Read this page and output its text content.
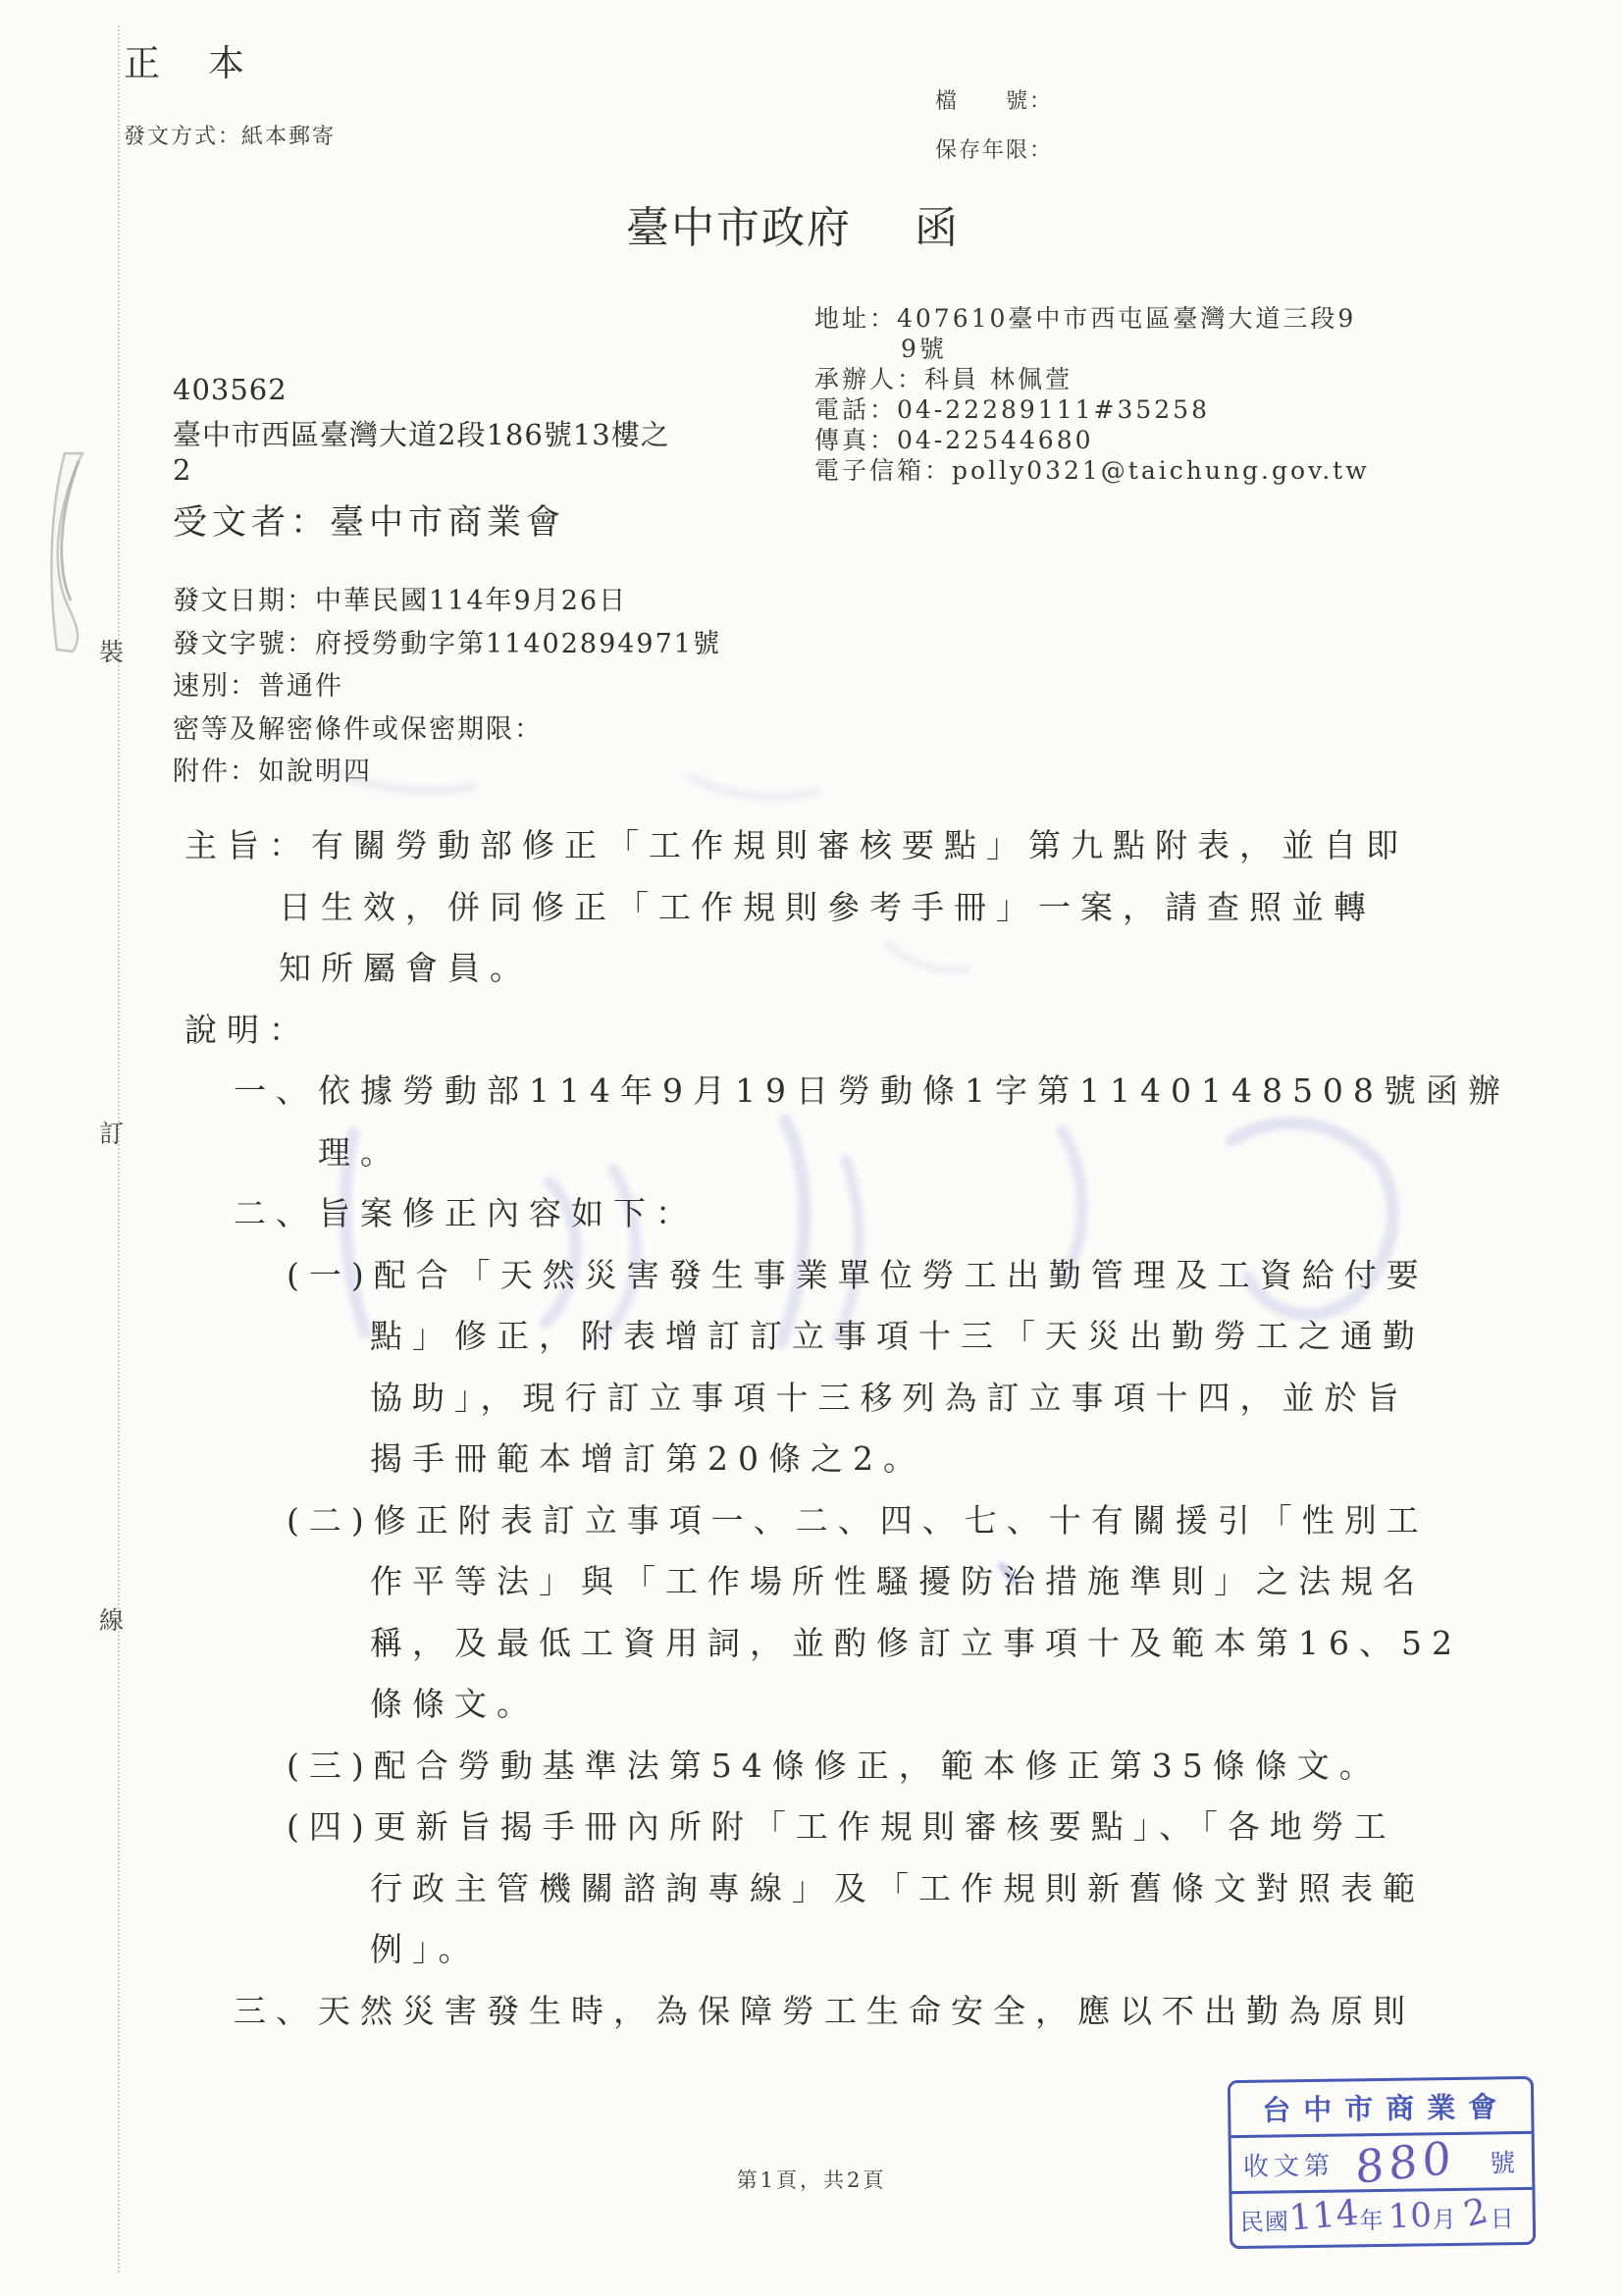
裝
訂
線
正　本
發文方式：紙本郵寄
檔　　號：
保存年限：
臺中市政府 函
地址：407610臺中市西屯區臺灣大道三段9
9號
承辦人：科員 林佩萱
電話：04-22289111#35258
傳真：04-22544680
電子信箱：polly0321@taichung.gov.tw
403562
臺中市西區臺灣大道2段186號13樓之
2
受文者：臺中市商業會
發文日期：中華民國114年9月26日
發文字號：府授勞動字第11402894971號
速別：普通件
密等及解密條件或保密期限：
附件：如說明四
主旨：有關勞動部修正「工作規則審核要點」第九點附表，並自即
日生效，併同修正「工作規則參考手冊」一案，請查照並轉
知所屬會員。
說明：
一、依據勞動部114年9月19日勞動條1字第1140148508號函辦
理。
二、旨案修正內容如下：
(一)配合「天然災害發生事業單位勞工出勤管理及工資給付要
點」修正，附表增訂訂立事項十三「天災出勤勞工之通勤
協助」，現行訂立事項十三移列為訂立事項十四，並於旨
揭手冊範本增訂第20條之2。
(二)修正附表訂立事項一、二、四、七、十有關援引「性別工
作平等法」與「工作場所性騷擾防治措施準則」之法規名
稱，及最低工資用詞，並酌修訂立事項十及範本第16、52
條條文。
(三)配合勞動基準法第54條修正，範本修正第35條條文。
(四)更新旨揭手冊內所附「工作規則審核要點」、「各地勞工
行政主管機關諮詢專線」及「工作規則新舊條文對照表範
例」。
三、天然災害發生時，為保障勞工生命安全，應以不出勤為原則
第1頁，共2頁
台中市商業會
收文第 880 號
民國
114
年 10
月 2
日
